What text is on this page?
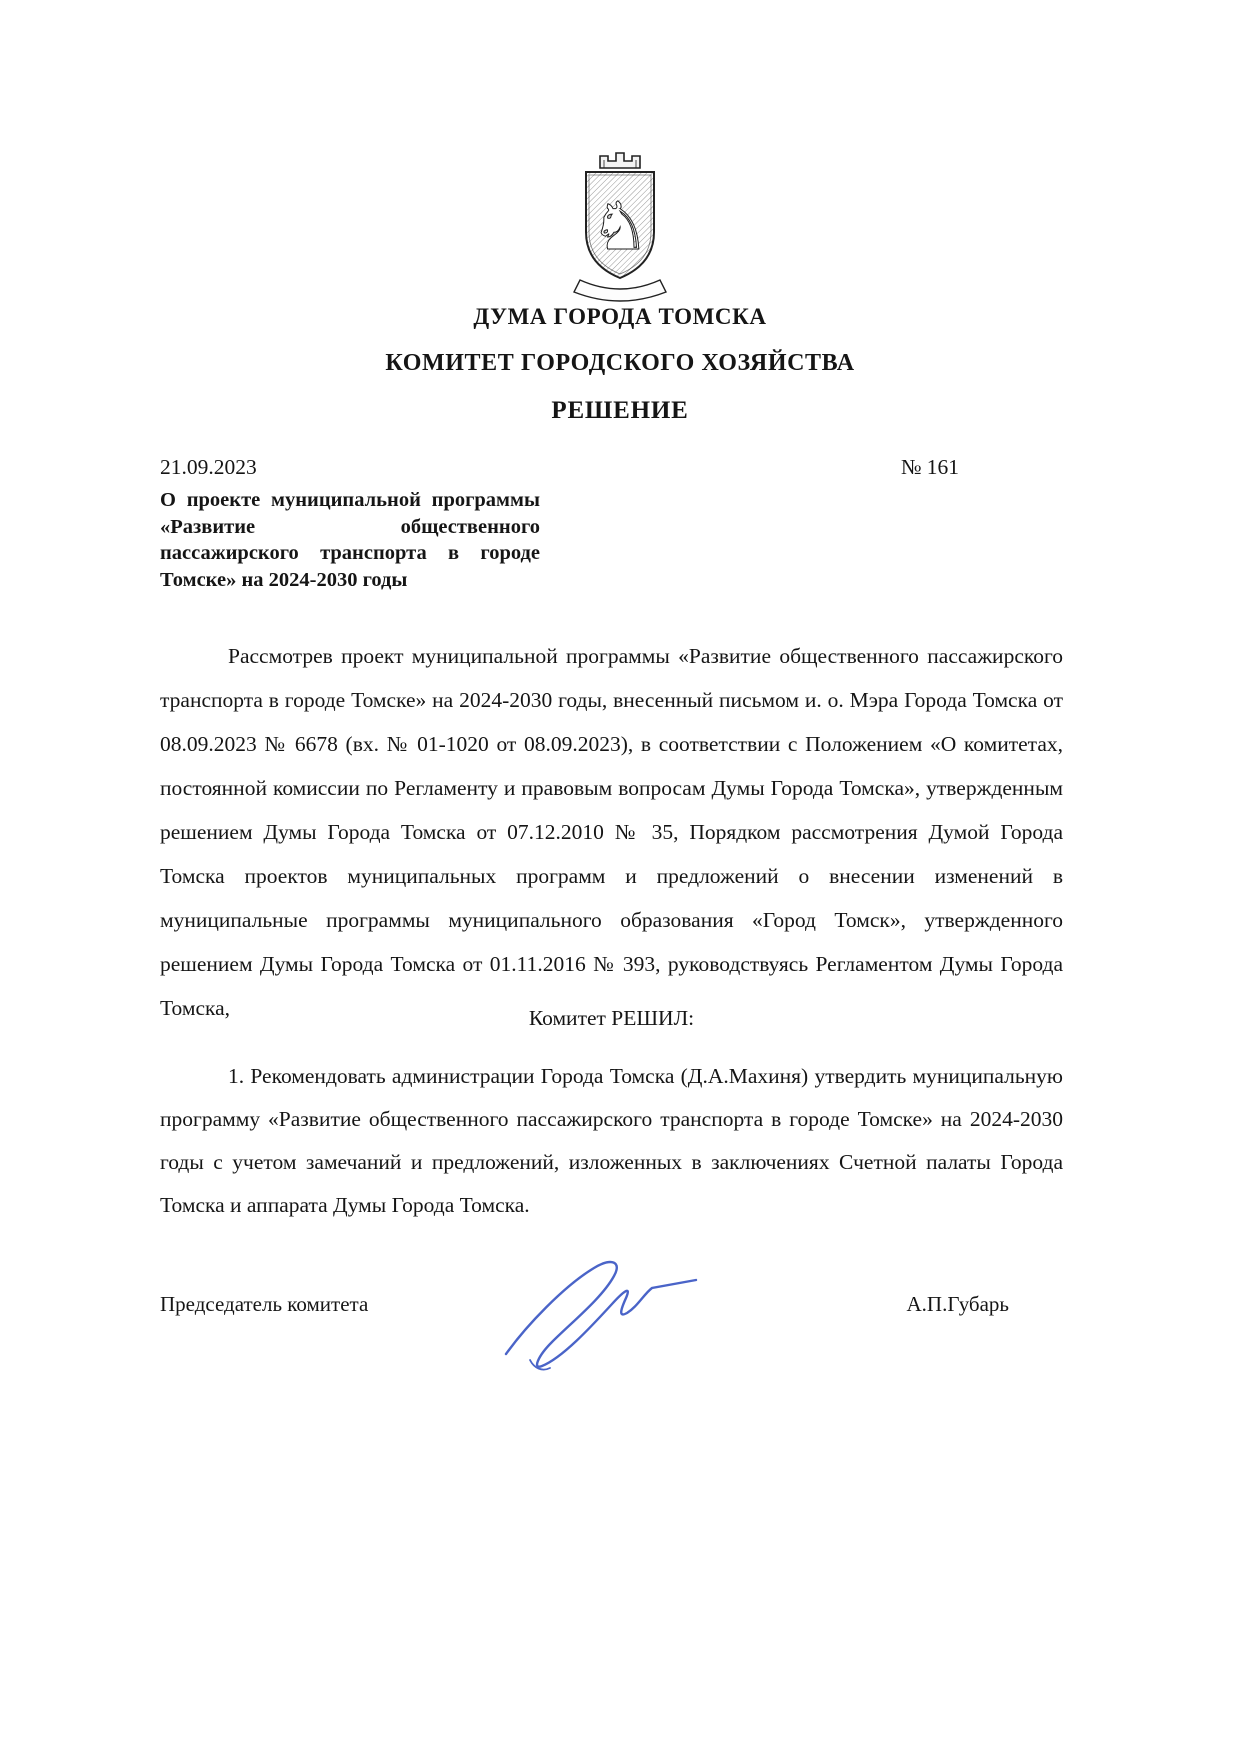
♞
ДУМА ГОРОДА ТОМСКА
КОМИТЕТ ГОРОДСКОГО ХОЗЯЙСТВА
РЕШЕНИЕ
21.09.2023	№ 161
О проекте муниципальной программы «Развитие общественного пассажирского транспорта в городе Томске» на 2024-2030 годы

Рассмотрев проект муниципальной программы «Развитие общественного пассажирского транспорта в городе Томске» на 2024-2030 годы, внесенный письмом и. о. Мэра Города Томска от 08.09.2023 № 6678 (вх. № 01-1020 от 08.09.2023), в соответствии с Положением «О комитетах, постоянной комиссии по Регламенту и правовым вопросам Думы Города Томска», утвержденным решением Думы Города Томска от 07.12.2010 № 35, Порядком рассмотрения Думой Города Томска проектов муниципальных программ и предложений о внесении изменений в муниципальные программы муниципального образования «Город Томск», утвержденного решением Думы Города Томска от 01.11.2016 № 393, руководствуясь Регламентом Думы Города Томска,	Комитет РЕШИЛ:

1. Рекомендовать администрации Города Томска (Д.А.Махиня) утвердить муниципальную программу «Развитие общественного пассажирского транспорта в городе Томске» на 2024-2030 годы с учетом замечаний и предложений, изложенных в заключениях Счетной палаты Города Томска и аппарата Думы Города Томска.

Председатель комитета	А.П.Губарь
